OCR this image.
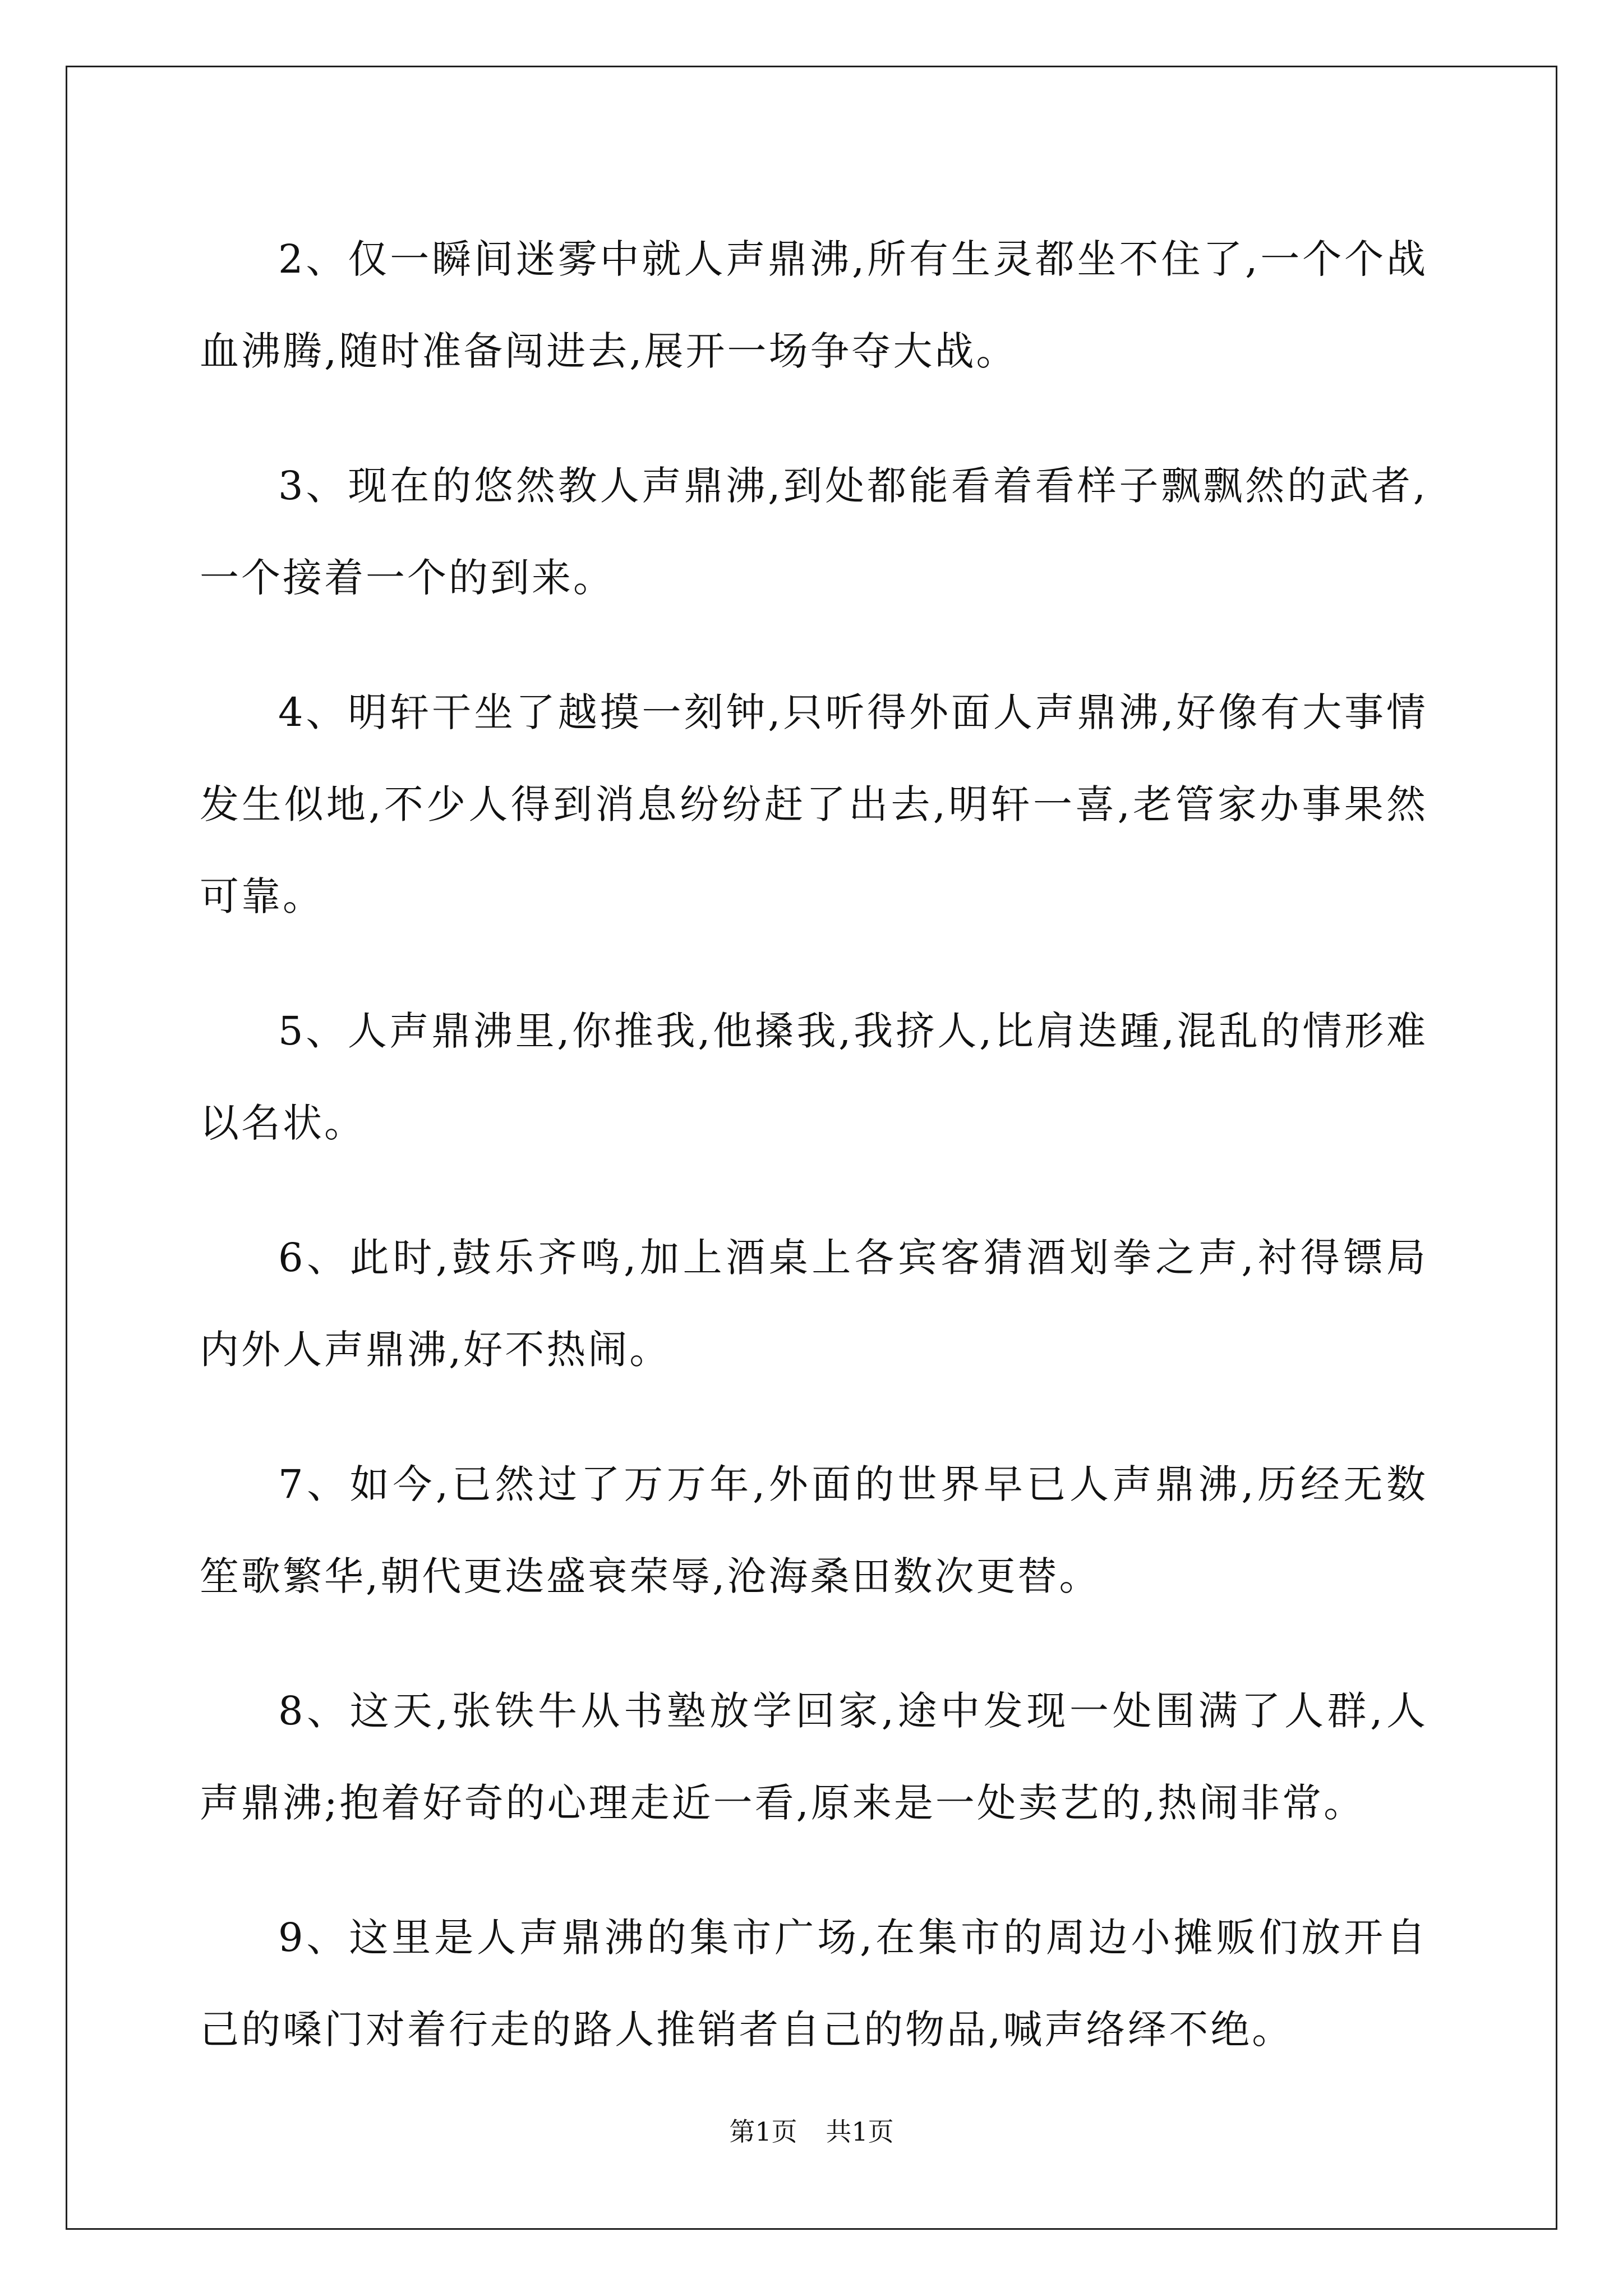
2、仅一瞬间迷雾中就人声鼎沸,所有生灵都坐不住了,一个个战血沸腾,随时准备闯进去,展开一场争夺大战。

3、现在的悠然教人声鼎沸,到处都能看着看样子飘飘然的武者,一个接着一个的到来。

4、明轩干坐了越摸一刻钟,只听得外面人声鼎沸,好像有大事情发生似地,不少人得到消息纷纷赶了出去,明轩一喜,老管家办事果然可靠。

5、人声鼎沸里,你推我,他搡我,我挤人,比肩迭踵,混乱的情形难以名状。

6、此时,鼓乐齐鸣,加上酒桌上各宾客猜酒划拳之声,衬得镖局内外人声鼎沸,好不热闹。

7、如今,已然过了万万年,外面的世界早已人声鼎沸,历经无数笙歌繁华,朝代更迭盛衰荣辱,沧海桑田数次更替。

8、这天,张铁牛从书塾放学回家,途中发现一处围满了人群,人声鼎沸;抱着好奇的心理走近一看,原来是一处卖艺的,热闹非常。

9、这里是人声鼎沸的集市广场,在集市的周边小摊贩们放开自己的嗓门对着行走的路人推销者自己的物品,喊声络绎不绝。

第1页 共1页
